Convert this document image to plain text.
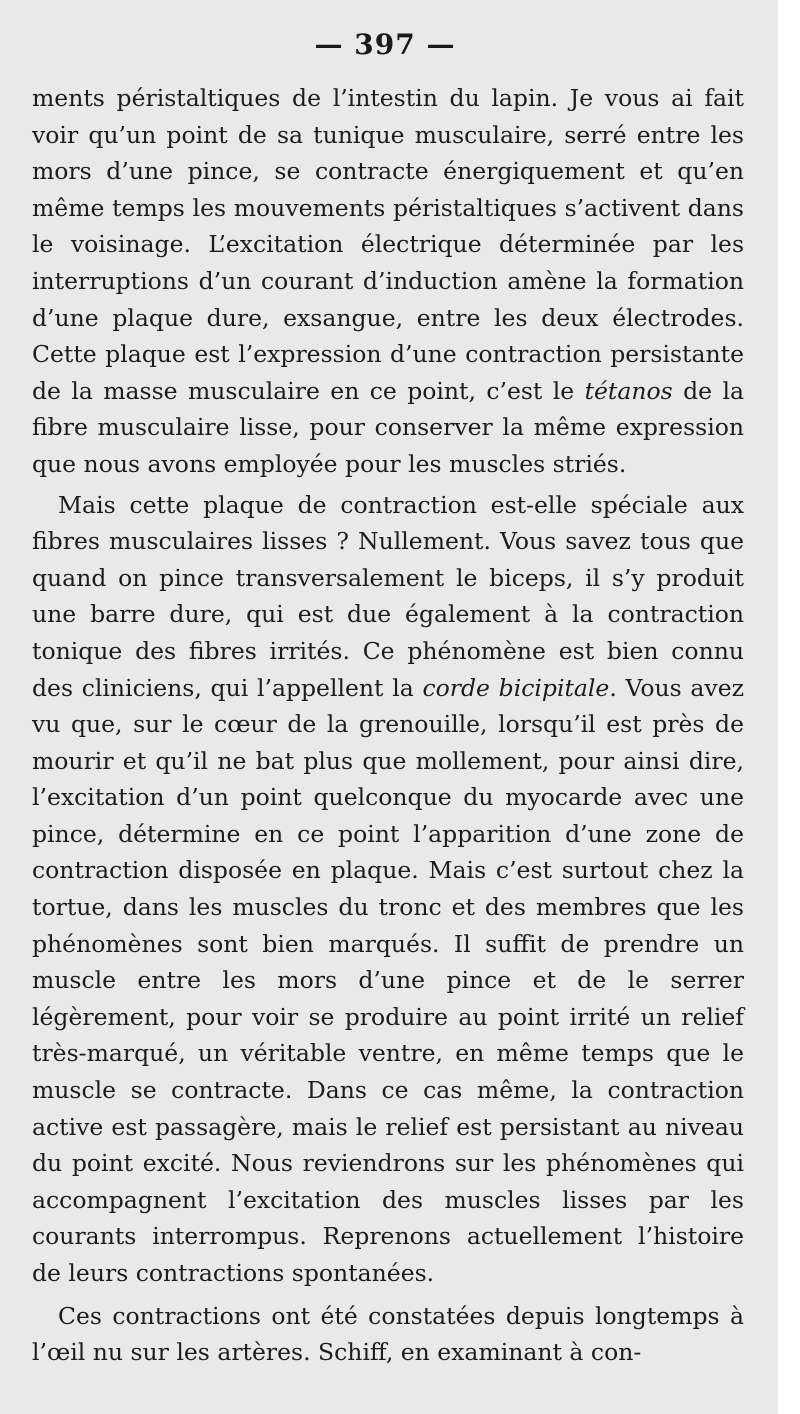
— 397 —

ments péristaltiques de l’intestin du lapin. Je vous ai fait voir qu’un point de sa tunique musculaire, serré entre les mors d’une pince, se contracte énergiquement et qu’en même temps les mouvements péristaltiques s’activent dans le voisinage. L’excitation électrique déterminée par les interruptions d’un courant d’induction amène la formation d’une plaque dure, exsangue, entre les deux électrodes. Cette plaque est l’expression d’une contraction persistante de la masse musculaire en ce point, c’est le tétanos de la fibre musculaire lisse, pour conserver la même expression que nous avons employée pour les muscles striés.

Mais cette plaque de contraction est-elle spéciale aux fibres musculaires lisses ? Nullement. Vous savez tous que quand on pince transversalement le biceps, il s’y produit une barre dure, qui est due également à la contraction tonique des fibres irrités. Ce phénomène est bien connu des cliniciens, qui l’appellent la corde bicipitale. Vous avez vu que, sur le cœur de la grenouille, lorsqu’il est près de mourir et qu’il ne bat plus que mollement, pour ainsi dire, l’excitation d’un point quelconque du myocarde avec une pince, détermine en ce point l’apparition d’une zone de contraction disposée en plaque. Mais c’est surtout chez la tortue, dans les muscles du tronc et des membres que les phénomènes sont bien marqués. Il suffit de prendre un muscle entre les mors d’une pince et de le serrer légèrement, pour voir se produire au point irrité un relief très-marqué, un véritable ventre, en même temps que le muscle se contracte. Dans ce cas même, la contraction active est passagère, mais le relief est persistant au niveau du point excité. Nous reviendrons sur les phénomènes qui accompagnent l’excitation des muscles lisses par les courants interrompus. Reprenons actuellement l’histoire de leurs contractions spontanées.

Ces contractions ont été constatées depuis longtemps à l’œil nu sur les artères. Schiff, en examinant à con-
